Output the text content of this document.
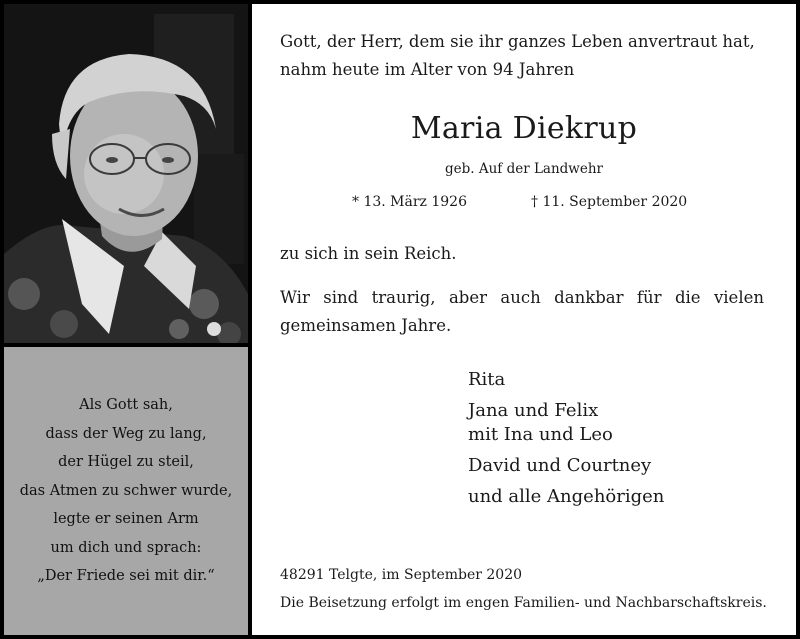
Als Gott sah,
dass der Weg zu lang,
der Hügel zu steil,
das Atmen zu schwer wurde,
legte er seinen Arm
um dich und sprach:
„Der Friede sei mit dir.“
Gott, der Herr, dem sie ihr ganzes Leben anvertraut hat,
nahm heute im Alter von 94 Jahren
Maria Diekrup
geb. Auf der Landwehr
* 13. März 1926	† 11. September 2020
zu sich in sein Reich.
Wir sind traurig, aber auch dankbar für die vielen gemeinsamen Jahre.
Rita
Jana und Felix
mit Ina und Leo
David und Courtney
und alle Angehörigen
48291 Telgte, im September 2020
Die Beisetzung erfolgt im engen Familien- und Nachbarschaftskreis.
